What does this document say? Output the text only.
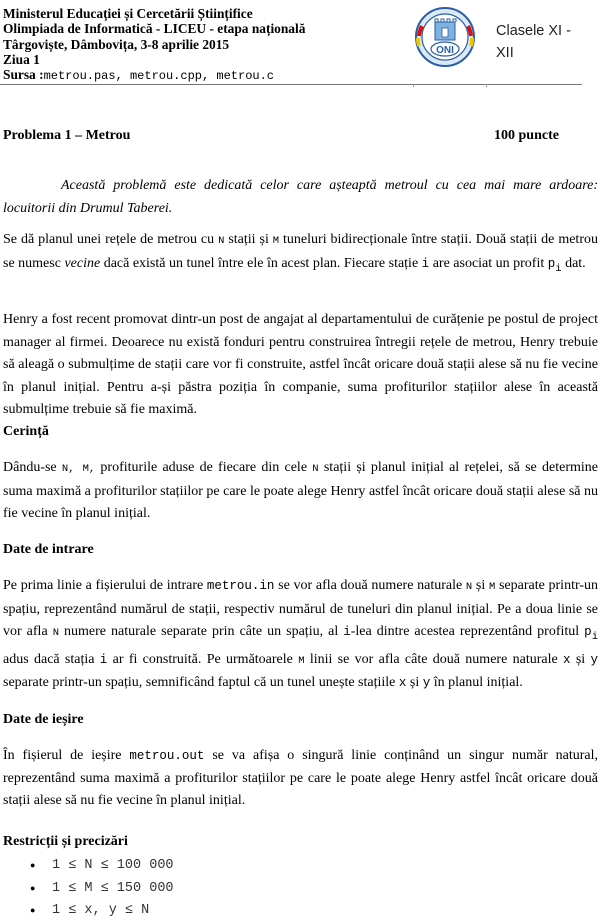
Ministerul Educației și Cercetării Științifice
Olimpiada de Informatică - LICEU - etapa națională
Târgoviște, Dâmbovița, 3-8 aprilie 2015
Ziua 1
Sursa :metrou.pas, metrou.cpp, metrou.c
ONI
Clasele XI -
XII
Problema 1 – Metrou	100 puncte
Această problemă este dedicată celor care așteaptă metroul cu cea mai mare ardoare: locuitorii din Drumul Taberei.
Se dă planul unei rețele de metrou cu N stații și M tuneluri bidirecționale între stații. Două stații de metrou se numesc vecine dacă există un tunel între ele în acest plan. Fiecare stație i are asociat un profit $p_i$ dat.
Henry a fost recent promovat dintr-un post de angajat al departamentului de curățenie pe postul de project manager al firmei. Deoarece nu există fonduri pentru construirea întregii rețele de metrou, Henry trebuie să aleagă o submulțime de stații care vor fi construite, astfel încât oricare două stații alese să nu fie vecine în planul inițial. Pentru a-și păstra poziția în companie, suma profiturilor stațiilor alese în această submulțime trebuie să fie maximă.
Cerință
Dându-se N, M, profiturile aduse de fiecare din cele N stații și planul inițial al rețelei, să se determine suma maximă a profiturilor stațiilor pe care le poate alege Henry astfel încât oricare două stații alese să nu fie vecine în planul inițial.
Date de intrare
Pe prima linie a fișierului de intrare metrou.in se vor afla două numere naturale N și M separate printr-un spațiu, reprezentând numărul de stații, respectiv numărul de tuneluri din planul inițial. Pe a doua linie se vor afla N numere naturale separate prin câte un spațiu, al i-lea dintre acestea reprezentând profitul $p_i$ adus dacă stația i ar fi construită. Pe următoarele M linii se vor afla câte două numere naturale x și y separate printr-un spațiu, semnificând faptul că un tunel unește stațiile x și y în planul inițial.
Date de ieșire
În fișierul de ieșire metrou.out se va afișa o singură linie conținând un singur număr natural, reprezentând suma maximă a profiturilor stațiilor pe care le poate alege Henry astfel încât oricare două stații alese să nu fie vecine în planul inițial.
Restricții și precizări
● 1 ≤ N ≤ 100 000
● 1 ≤ M ≤ 150 000
● 1 ≤ x, y ≤ N
